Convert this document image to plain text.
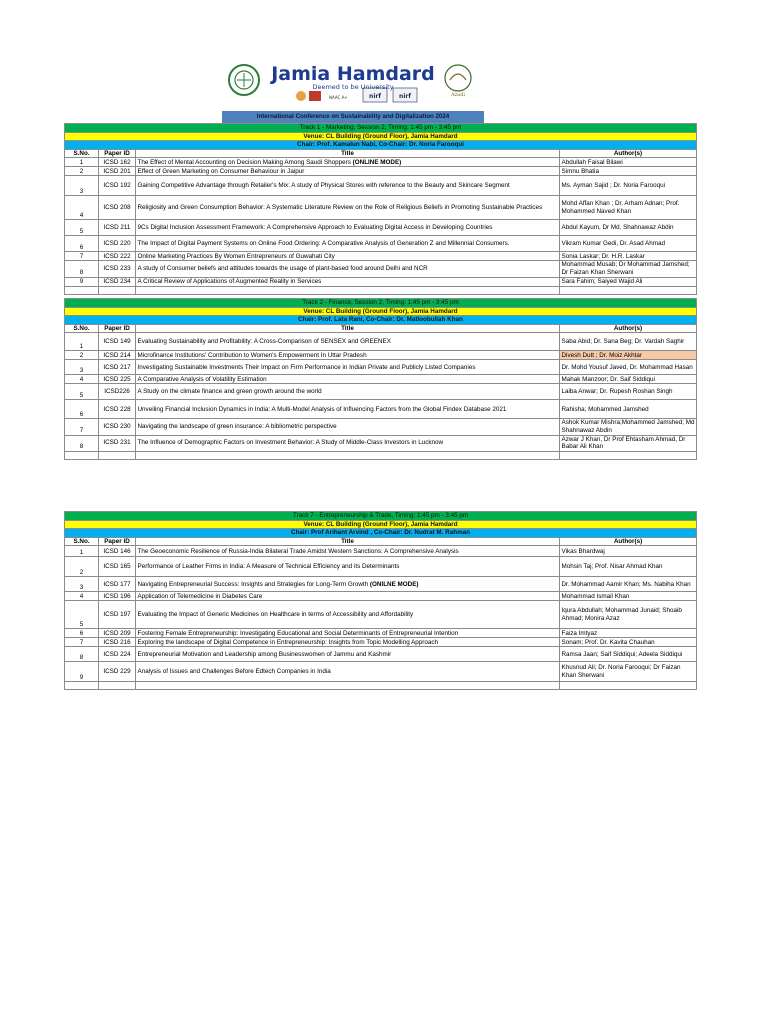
Azadi
NAAC A+	nirf	nirf
Jamia Hamdard
Deemed to be University
International Conference on Sustainability and Digitalization 2024
Track 1 - Marketing, Session 2, Timing: 1:45 pm - 3:45 pm			
Venue: CL Building (Ground Floor), Jamia Hamdard			
Chair: Prof. Kamalun Nabi, Co-Chair: Dr. Noria Farooqui			
S.No.	Paper ID	Title	Author(s)
1	ICSD 162	The Effect of Mental Accounting on Decision Making Among Saudi Shoppers (ONLINE MODE)	Abdullah Faisal Bilawi
2	ICSD 201	Effect of Green Marketing on Consumer Behaviour in Jaipur	Simnu Bhatia
3	ICSD 192	Gaining Competitive Advantage through Retailer's Mix: A study of Physical Stores with reference to the Beauty and Skincare Segment	Ms. Ayman Sajid ; Dr. Noria Farooqui
4	ICSD 208	Religiosity and Green Consumption Behavior: A Systematic Literature Review on the Role of Religious Beliefs in Promoting Sustainable Practices	Mohd Affan Khan ; Dr. Arham Adnan; Prof. Mohammed Naved Khan
5	ICSD 211	9Cs Digital Inclusion Assessment Framework: A Comprehensive Approach to Evaluating Digital Access in Developing Countries	Abdul Kayum, Dr Md. Shahnawaz Abdin
6	ICSD 220	The Impact of Digital Payment Systems on Online Food Ordering: A Comparative Analysis of Generation Z and Millennial Consumers.	Vikram Kumar Gedi, Dr. Asad Ahmad
7	ICSD 222	Online Marketing Practices By Women Entrepreneurs of Guwahati City	Sonia Laskar; Dr. H.R. Laskar
8	ICSD 233	A study of Consumer beliefs and attitudes towards the usage of plant-based food around Delhi and NCR	Mohammad Musab; Dr Mohammad Jamshed; Dr Faizan Khan Sherwani
9	ICSD 234	A Critical Review of Applications of Augmented Reality in Services	Sara Fahim; Saiyed Wajid Ali

Track 2 - Finance, Session 2, Timing: 1:45 pm - 3:45 pm			
Venue: CL Building (Ground Floor), Jamia Hamdard			
Chair: Prof. Lata Rani, Co-Chair: Dr. Matloobullah Khan			
S.No.	Paper ID	Title	Author(s)
1	ICSD 149	Evaluating Sustainability and Profitability: A Cross-Comparison of SENSEX and GREENEX	Saba Abid; Dr. Sana Beg; Dr. Vardah Saghir
2	ICSD 214	Microfinance Institutions' Contribution to Women's Empowerment In Uttar Pradesh	Divesh Dutt ; Dr. Moiz Akhtar
3	ICSD 217	Investigating Sustainable Investments Their Impact on Firm Performance in Indian Private and Publicly Listed Companies	Dr. Mohd Yousuf Javed, Dr. Mohammad Hasan
4	ICSD 225	A Comparative Analysis of Volatility Estimation	Mahak Manzoor; Dr. Saif Siddiqui
5	ICSD226	A Study on the climate finance and green growth around the world	Laiba Anwar; Dr. Rupesh Roshan Singh
6	ICSD 228	Unveiling Financial Inclusion Dynamics in India: A Multi-Model Analysis of Influencing Factors from the Global Findex Database 2021	Rahisha; Mohammed Jamshed
7	ICSD 230	Navigating the landscape of green insurance: A bibliometric perspective	Ashok Kumar Mishra;Mohammed Jamshed; Md Shahnawaz Abdin
8	ICSD 231	The Influence of Demographic Factors on Investment Behavior: A Study of Middle-Class Investors in Lucknow	Azwar J Khan, Dr Prof Ehtasham Ahmad, Dr Babar Ali Khan

Track 7 - Entrepreneurship & Trade, Timing: 1:45 pm - 3:45 pm			
Venue: CL Building (Ground Floor), Jamia Hamdard			
Chair: Prof Arihant Arvind , Co-Chair: Dr. Nudrat M. Rahman			
S.No.	Paper ID	Title	Author(s)
1	ICSD 146	The Geoeconomic Resilience of Russia-India Bilateral Trade Amidst Western Sanctions: A Comprehensive Analysis	Vikas Bhardwaj
2	ICSD 165	Performance of Leather Firms in India: A Measure of Technical Efficiency and its Determinants	Mohsin Taj; Prof. Nisar Ahmad Khan
3	ICSD 177	Navigating Entrepreneurial Success: Insights and Strategies for Long-Term Growth (ONILNE MODE)	Dr. Mohammad Aamir Khan; Ms. Nabiha Khan
4	ICSD 196	Application of Telemedicine in Diabetes Care	Mohammad Ismail Khan
5	ICSD 197	Evaluating the Impact of Generic Medicines on Healthcare in terms of Accessibility and Affordability	Iqura Abdullah; Mohammad Junaid; Shoaib Ahmad; Monira Azaz
6	ICSD 209	Fostering Female Entrepreneurship: Investigating Educational and Social Determinants of Entrepreneurial Intention	Faiza Imtyaz
7	ICSD 216	Exploring the landscape of Digital Competence in Entrepreneurship: Insights from Topic Modelling Approach	Sonam; Prof. Dr. Kavita Chauhan
8	ICSD 224	Entrepreneurial Motivation and Leadership among Businesswomen of Jammu and Kashmir	Ramsa Jaan; Saif Siddiqui; Adeela Siddiqui
9	ICSD 229	Analysis of Issues and Challenges Before Edtech Companies in India	Khusnud Ali; Dr. Noria Farooqui; Dr Faizan Khan Sherwani
